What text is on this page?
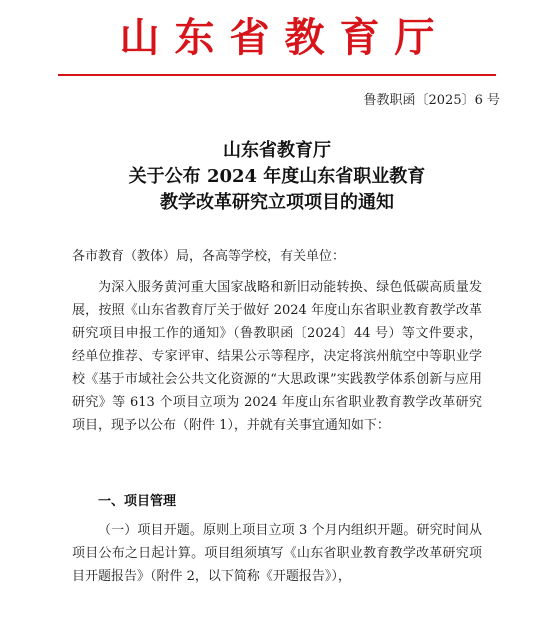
山东省教育厅
鲁教职函〔2025〕6 号
山东省教育厅
关于公布 2024 年度山东省职业教育
教学改革研究立项项目的通知
各市教育（教体）局，各高等学校，有关单位：

为深入服务黄河重大国家战略和新旧动能转换、绿色低碳高质量发展，按照《山东省教育厅关于做好 2024 年度山东省职业教育教学改革研究项目申报工作的通知》（鲁教职函〔2024〕44 号）等文件要求，经单位推荐、专家评审、结果公示等程序，决定将滨州航空中等职业学校《基于市域社会公共文化资源的“大思政课”实践教学体系创新与应用研究》等 613 个项目立项为 2024 年度山东省职业教育教学改革研究项目，现予以公布（附件 1），并就有关事宜通知如下：

一、项目管理

（一）项目开题。原则上项目立项 3 个月内组织开题。研究时间从项目公布之日起计算。项目组须填写《山东省职业教育教学改革研究项目开题报告》（附件 2，以下简称《开题报告》），
